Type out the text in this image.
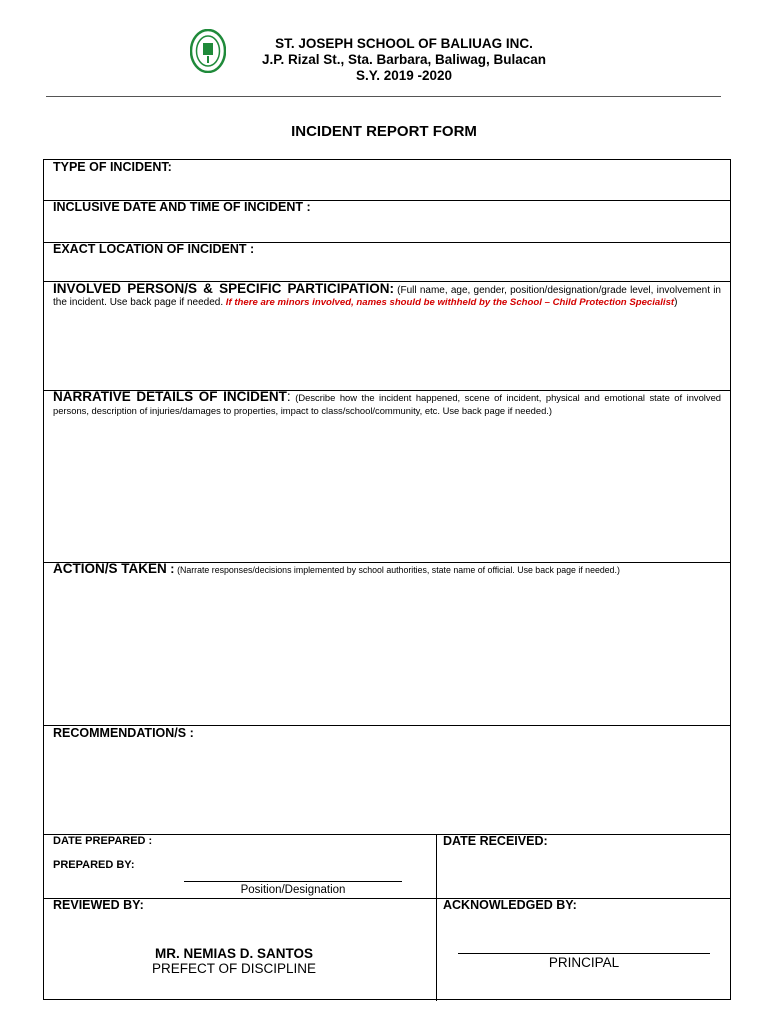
ST. JOSEPH SCHOOL OF BALIUAG INC.
J.P. Rizal St., Sta. Barbara, Baliwag, Bulacan
S.Y. 2019 -2020
INCIDENT REPORT FORM
TYPE OF INCIDENT:
INCLUSIVE DATE AND TIME OF INCIDENT :
EXACT LOCATION OF INCIDENT :
INVOLVED PERSON/S & SPECIFIC PARTICIPATION: (Full name, age, gender, position/designation/grade level, involvement in the incident. Use back page if needed. If there are minors involved, names should be withheld by the School – Child Protection Specialist)
NARRATIVE DETAILS OF INCIDENT: (Describe how the incident happened, scene of incident, physical and emotional state of involved persons, description of injuries/damages to properties, impact to class/school/community, etc. Use back page if needed.)
ACTION/S TAKEN : (Narrate responses/decisions implemented by school authorities, state name of official. Use back page if needed.)
RECOMMENDATION/S :
DATE PREPARED :
PREPARED BY:
Position/Designation
DATE RECEIVED:
REVIEWED BY:
MR. NEMIAS D. SANTOS
PREFECT OF DISCIPLINE
ACKNOWLEDGED BY:
PRINCIPAL
